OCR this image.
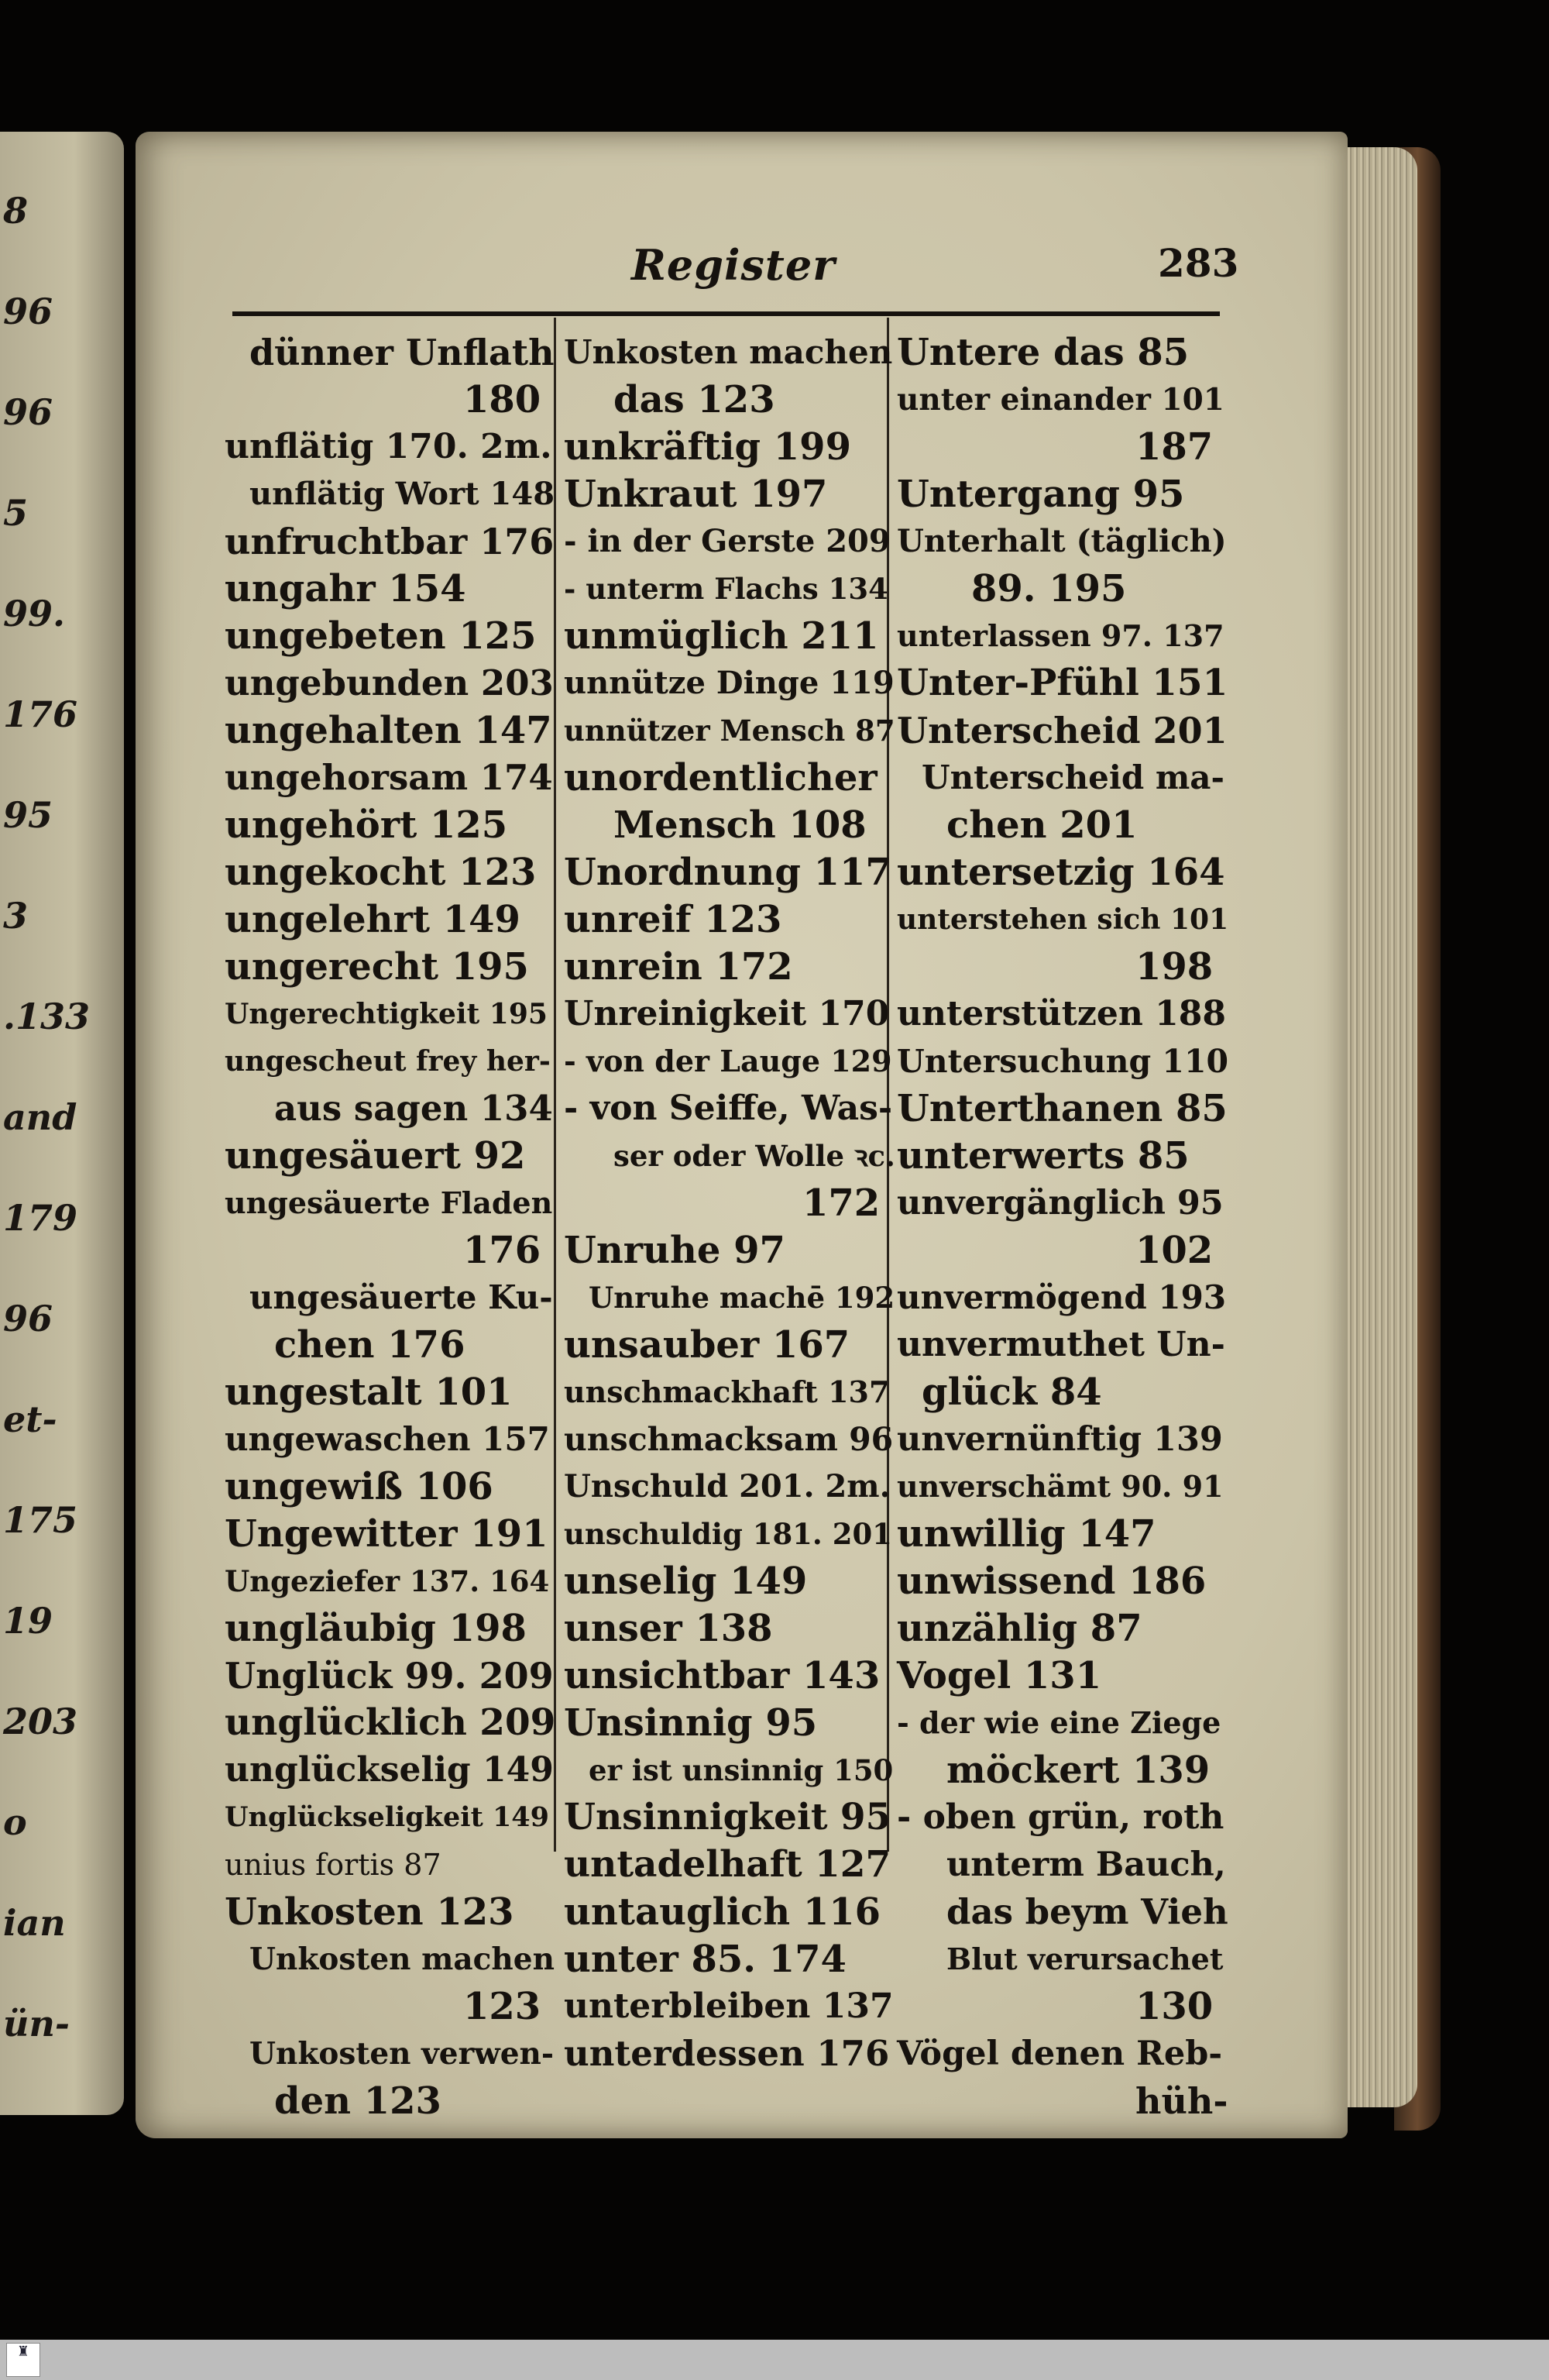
8
96
96
5
99.
176
95
3
.133
and
179
96
et-
175
19
203
o
ian
ün-
Register	283
dünner Unflath
180
unflätig 170. 2m.
unflätig Wort 148
unfruchtbar 176
ungahr 154
ungebeten 125
ungebunden 203
ungehalten 147
ungehorsam 174
ungehört 125
ungekocht 123
ungelehrt 149
ungerecht 195
Ungerechtigkeit 195
ungescheut frey her-
aus sagen 134
ungesäuert 92
ungesäuerte Fladen
176
ungesäuerte Ku-
chen 176
ungestalt 101
ungewaschen 157
ungewiß 106
Ungewitter 191
Ungeziefer 137. 164
ungläubig 198
Unglück 99. 209
unglücklich 209
unglückselig 149
Unglückseligkeit 149
unius fortis 87
Unkosten 123
Unkosten machen
123
Unkosten verwen-
den 123
Unkosten machen
das 123
unkräftig 199
Unkraut 197
- in der Gerste 209
- unterm Flachs 134
unmüglich 211
unnütze Dinge 119
unnützer Mensch 87
unordentlicher
Mensch 108
Unordnung 117
unreif 123
unrein 172
Unreinigkeit 170
- von der Lauge 129
- von Seiffe, Was-
ser oder Wolle ꝛc.
172
Unruhe 97
Unruhe machē 192
unsauber 167
unschmackhaft 137
unschmacksam 96
Unschuld 201. 2m.
unschuldig 181. 201
unselig 149
unser 138
unsichtbar 143
Unsinnig 95
er ist unsinnig 150
Unsinnigkeit 95
untadelhaft 127
untauglich 116
unter 85. 174
unterbleiben 137
unterdessen 176
Untere das 85
unter einander 101
187
Untergang 95
Unterhalt (täglich)
89. 195
unterlassen 97. 137
Unter-Pfühl 151
Unterscheid 201
Unterscheid ma-
chen 201
untersetzig 164
unterstehen sich 101
198
unterstützen 188
Untersuchung 110
Unterthanen 85
unterwerts 85
unvergänglich 95
102
unvermögend 193
unvermuthet Un-
glück 84
unvernünftig 139
unverschämt 90. 91
unwillig 147
unwissend 186
unzählig 87
Vogel 131
- der wie eine Ziege
möckert 139
- oben grün, roth
unterm Bauch,
das beym Vieh
Blut verursachet
130
Vögel denen Reb-
hüh-
♜
